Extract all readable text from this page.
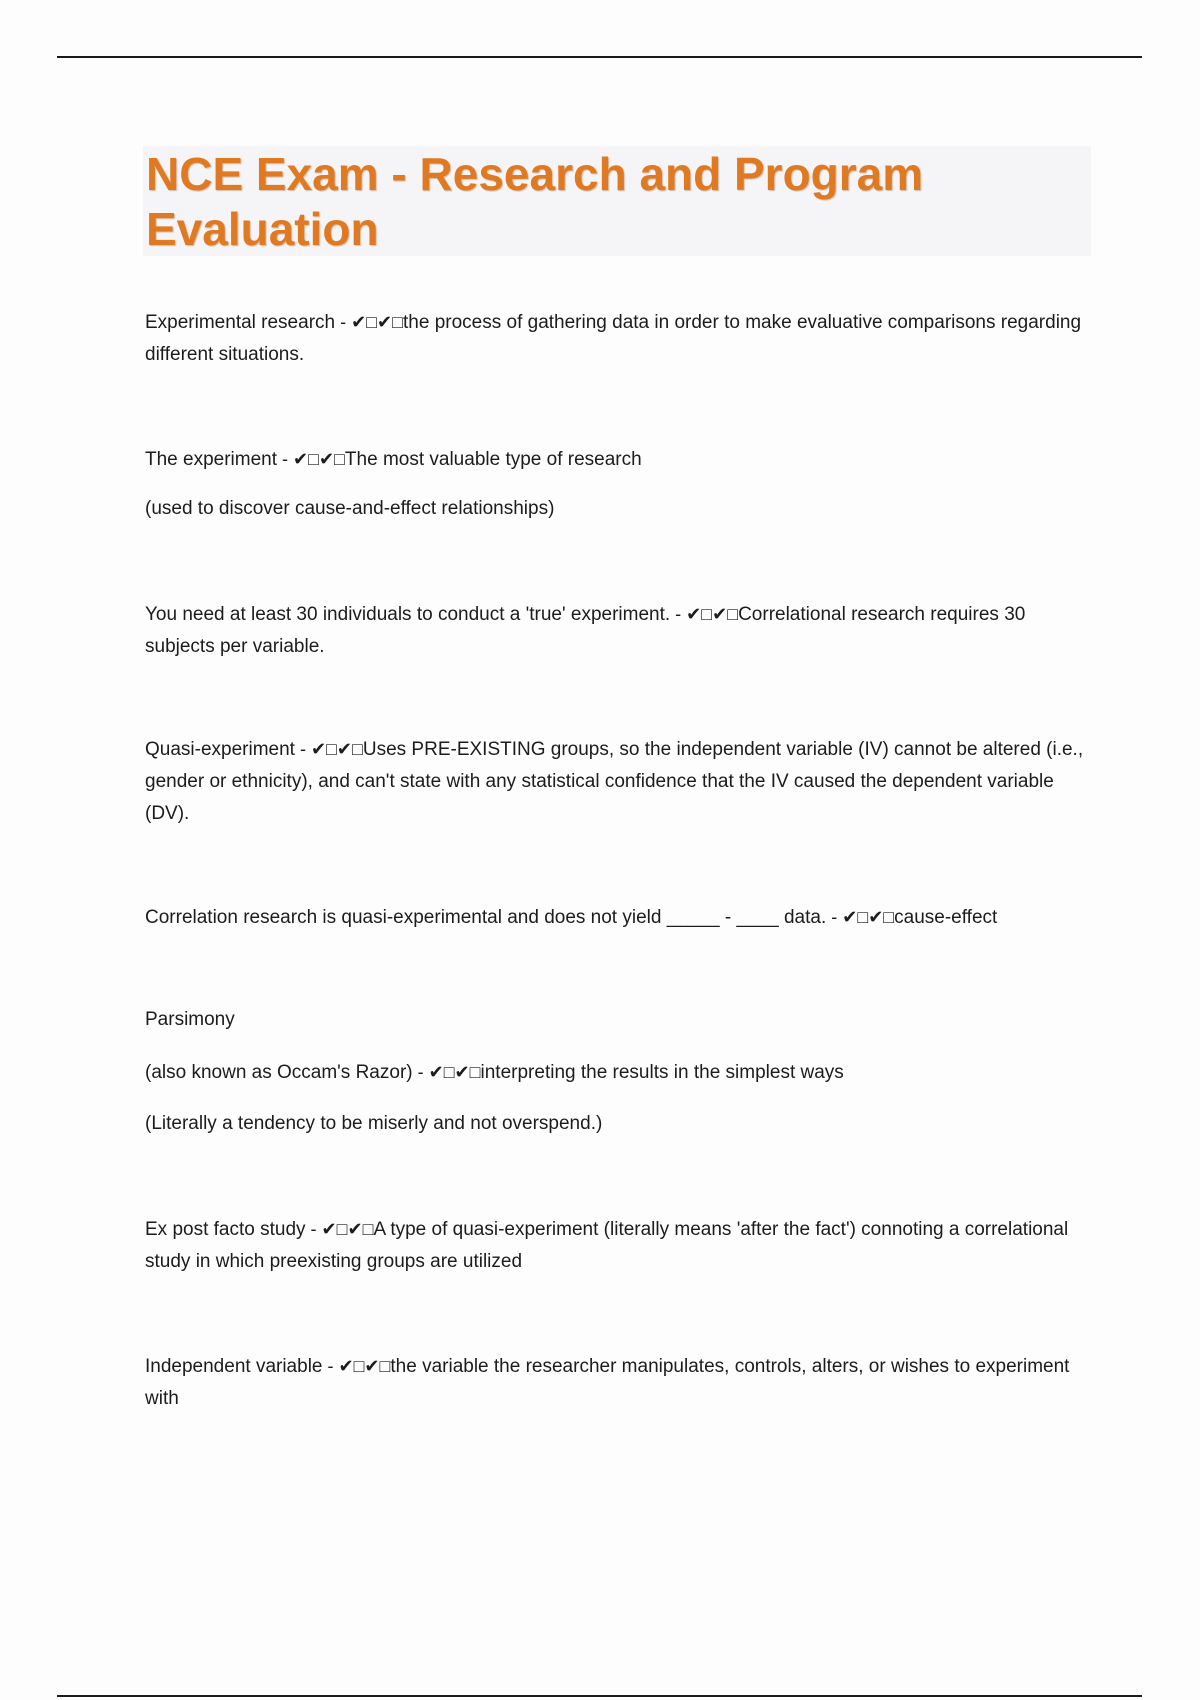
NCE Exam - Research and Program Evaluation

Experimental research - ✔□✔□the process of gathering data in order to make evaluative comparisons regarding different situations.

The experiment - ✔□✔□The most valuable type of research

(used to discover cause-and-effect relationships)

You need at least 30 individuals to conduct a 'true' experiment. - ✔□✔□Correlational research requires 30 subjects per variable.

Quasi-experiment - ✔□✔□Uses PRE-EXISTING groups, so the independent variable (IV) cannot be altered (i.e., gender or ethnicity), and can't state with any statistical confidence that the IV caused the dependent variable (DV).

Correlation research is quasi-experimental and does not yield _____ - ____ data. - ✔□✔□cause-effect

Parsimony

(also known as Occam's Razor) - ✔□✔□interpreting the results in the simplest ways

(Literally a tendency to be miserly and not overspend.)

Ex post facto study - ✔□✔□A type of quasi-experiment (literally means 'after the fact') connoting a correlational study in which preexisting groups are utilized

Independent variable - ✔□✔□the variable the researcher manipulates, controls, alters, or wishes to experiment with
